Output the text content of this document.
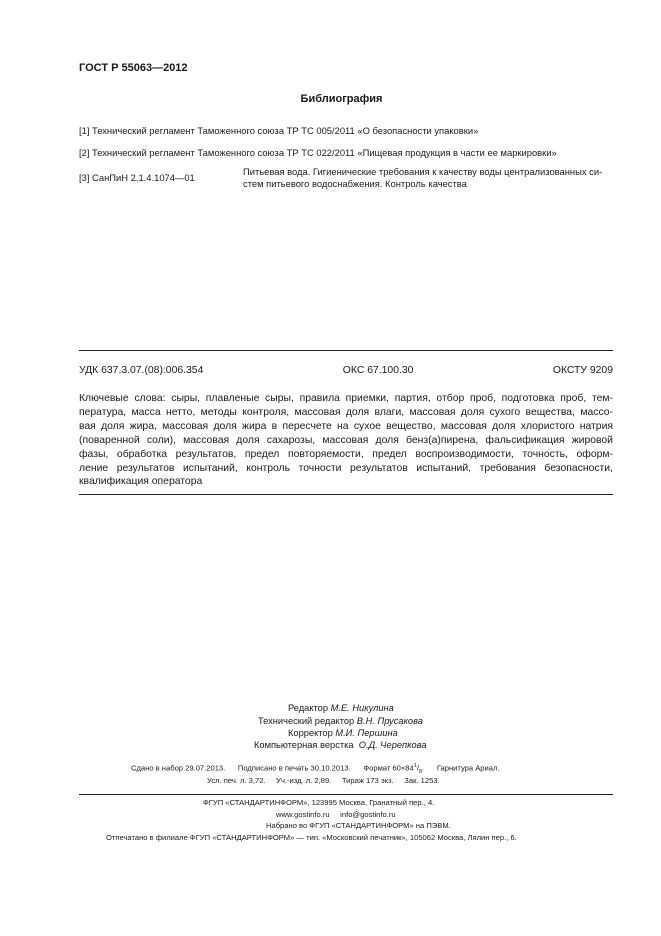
ГОСТ Р 55063—2012
Библиография
[1] Технический регламент Таможенного союза ТР ТС 005/2011 «О безопасности упаковки»
[2] Технический регламент Таможенного союза ТР ТС 022/2011 «Пищевая продукция в части ее маркировки»
[3] СанПиН 2.1.4.1074—01
Питьевая вода. Гигиенические требования к качеству воды централизованных си-
стем питьевого водоснабжения. Контроль качества
УДК 637.3.07.(08):006.354	ОКС 67.100.30	ОКСТУ 9209
Ключевые слова: сыры, плавленые сыры, правила приемки, партия, отбор проб, подготовка проб, тем-
пература, масса нетто, методы контроля, массовая доля влаги, массовая доля сухого вещества, массо-
вая доля жира, массовая доля жира в пересчете на сухое вещество, массовая доля хлористого натрия
(поваренной соли), массовая доля сахарозы, массовая доля бенз(а)пирена, фальсификация жировой
фазы, обработка результатов, предел повторяемости, предел воспроизводимости, точность, оформ-
ление результатов испытаний, контроль точности результатов испытаний, требования безопасности,
квалификация оператора
Редактор М.Е. Никулина
Технический редактор В.Н. Прусакова
Корректор М.И. Першина
Компьютерная верстка О.Д. Черепкова
Сдано в набор 29.07.2013. Подписано в печать 30.10.2013. Формат $60\times 84^1/_8$. Гарнитура Ариал.
Усл. печ. л. 3,72. Уч.-изд. л. 2,89. Тираж 173 экз. Зак. 1253.
ФГУП «СТАНДАРТИНФОРМ», 123995 Москва, Гранатный пер., 4.
www.gostinfo.ru info@gostinfo.ru
Набрано во ФГУП «СТАНДАРТИНФОРМ» на ПЭВМ.
Отпечатано в филиале ФГУП «СТАНДАРТИНФОРМ» — тип. «Московский печатник», 105062 Москва, Лялин пер., 6.
